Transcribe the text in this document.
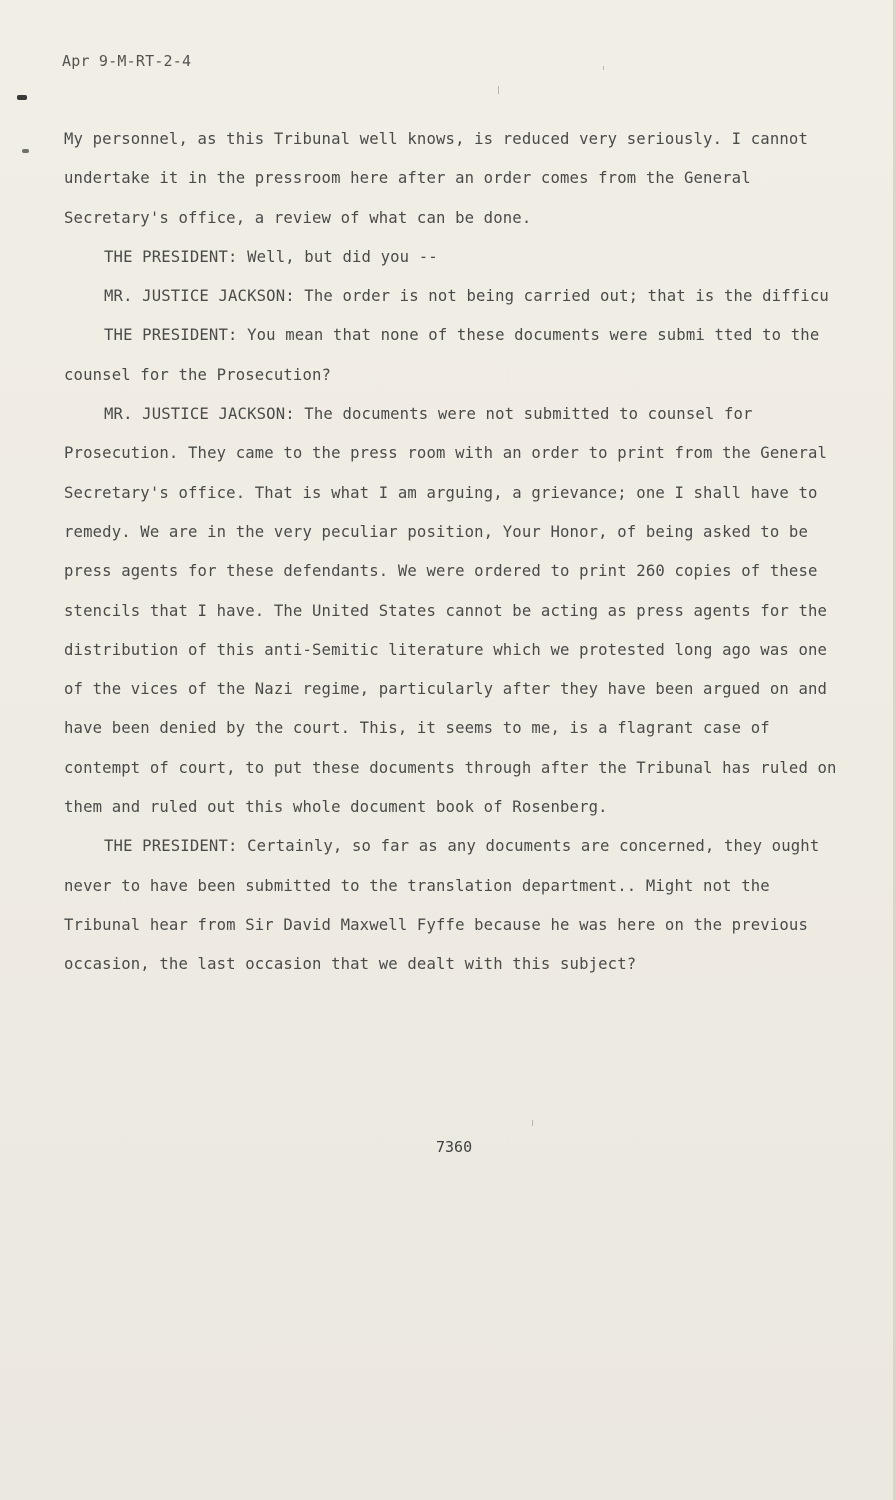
Apr 9-M-RT-2-4
My personnel, as this Tribunal well knows, is reduced very seriously. I cannot
undertake it in the pressroom here after an order comes from the General
Secretary's office, a review of what can be done.
THE PRESIDENT: Well, but did you --
MR. JUSTICE JACKSON: The order is not being carried out; that is the difficu
THE PRESIDENT: You mean that none of these documents were submi tted to the
counsel for the Prosecution?
MR. JUSTICE JACKSON: The documents were not submitted to counsel for
Prosecution. They came to the press room with an order to print from the General
Secretary's office. That is what I am arguing, a grievance; one I shall have to
remedy. We are in the very peculiar position, Your Honor, of being asked to be
press agents for these defendants. We were ordered to print 260 copies of these
stencils that I have. The United States cannot be acting as press agents for the
distribution of this anti-Semitic literature which we protested long ago was one
of the vices of the Nazi regime, particularly after they have been argued on and
have been denied by the court. This, it seems to me, is a flagrant case of
contempt of court, to put these documents through after the Tribunal has ruled on
them and ruled out this whole document book of Rosenberg.
THE PRESIDENT: Certainly, so far as any documents are concerned, they ought
never to have been submitted to the translation department.. Might not the
Tribunal hear from Sir David Maxwell Fyffe because he was here on the previous
occasion, the last occasion that we dealt with this subject?
7360
